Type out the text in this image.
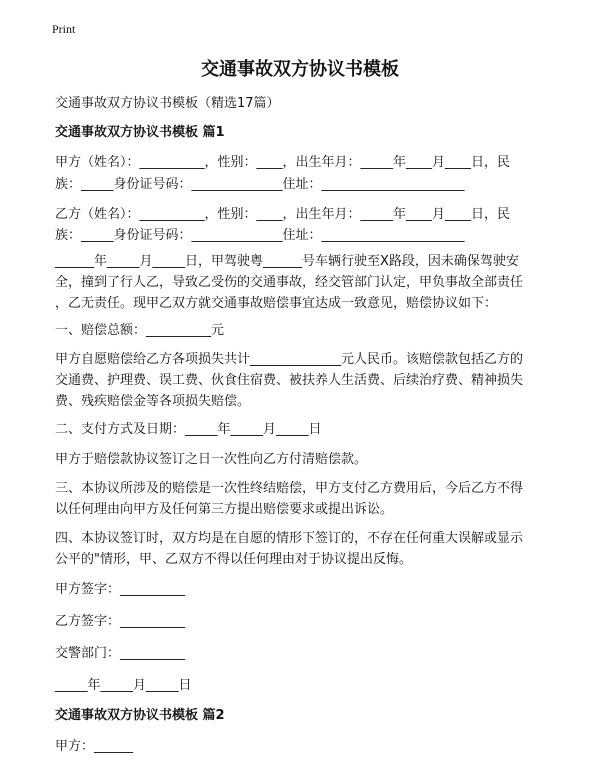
Print
交通事故双方协议书模板
交通事故双方协议书模板（精选17篇）
交通事故双方协议书模板 篇1
甲方（姓名）：__________，性别：____，出生年月：_____年____月____日，民
族：_____身份证号码：______________住址：______________________
乙方（姓名）：__________，性别：____，出生年月：_____年____月____日，民
族：_____身份证号码：______________住址：______________________
______年_____月_____日，甲驾驶粤______号车辆行驶至X路段，因未确保驾驶安
全，撞到了行人乙，导致乙受伤的交通事故，经交管部门认定，甲负事故全部责任
，乙无责任。现甲乙双方就交通事故赔偿事宜达成一致意见，赔偿协议如下：
一、赔偿总额：__________元
甲方自愿赔偿给乙方各项损失共计______________元人民币。该赔偿款包括乙方的
交通费、护理费、误工费、伙食住宿费、被扶养人生活费、后续治疗费、精神损失
费、残疾赔偿金等各项损失赔偿。
二、支付方式及日期：_____年_____月_____日
甲方于赔偿款协议签订之日一次性向乙方付清赔偿款。
三、本协议所涉及的赔偿是一次性终结赔偿，甲方支付乙方费用后，今后乙方不得
以任何理由向甲方及任何第三方提出赔偿要求或提出诉讼。
四、本协议签订时，双方均是在自愿的情形下签订的，不存在任何重大误解或显示
公平的"情形，甲、乙双方不得以任何理由对于协议提出反悔。
甲方签字：__________
乙方签字：__________
交警部门：__________
_____年_____月_____日
交通事故双方协议书模板 篇2
甲方：______
